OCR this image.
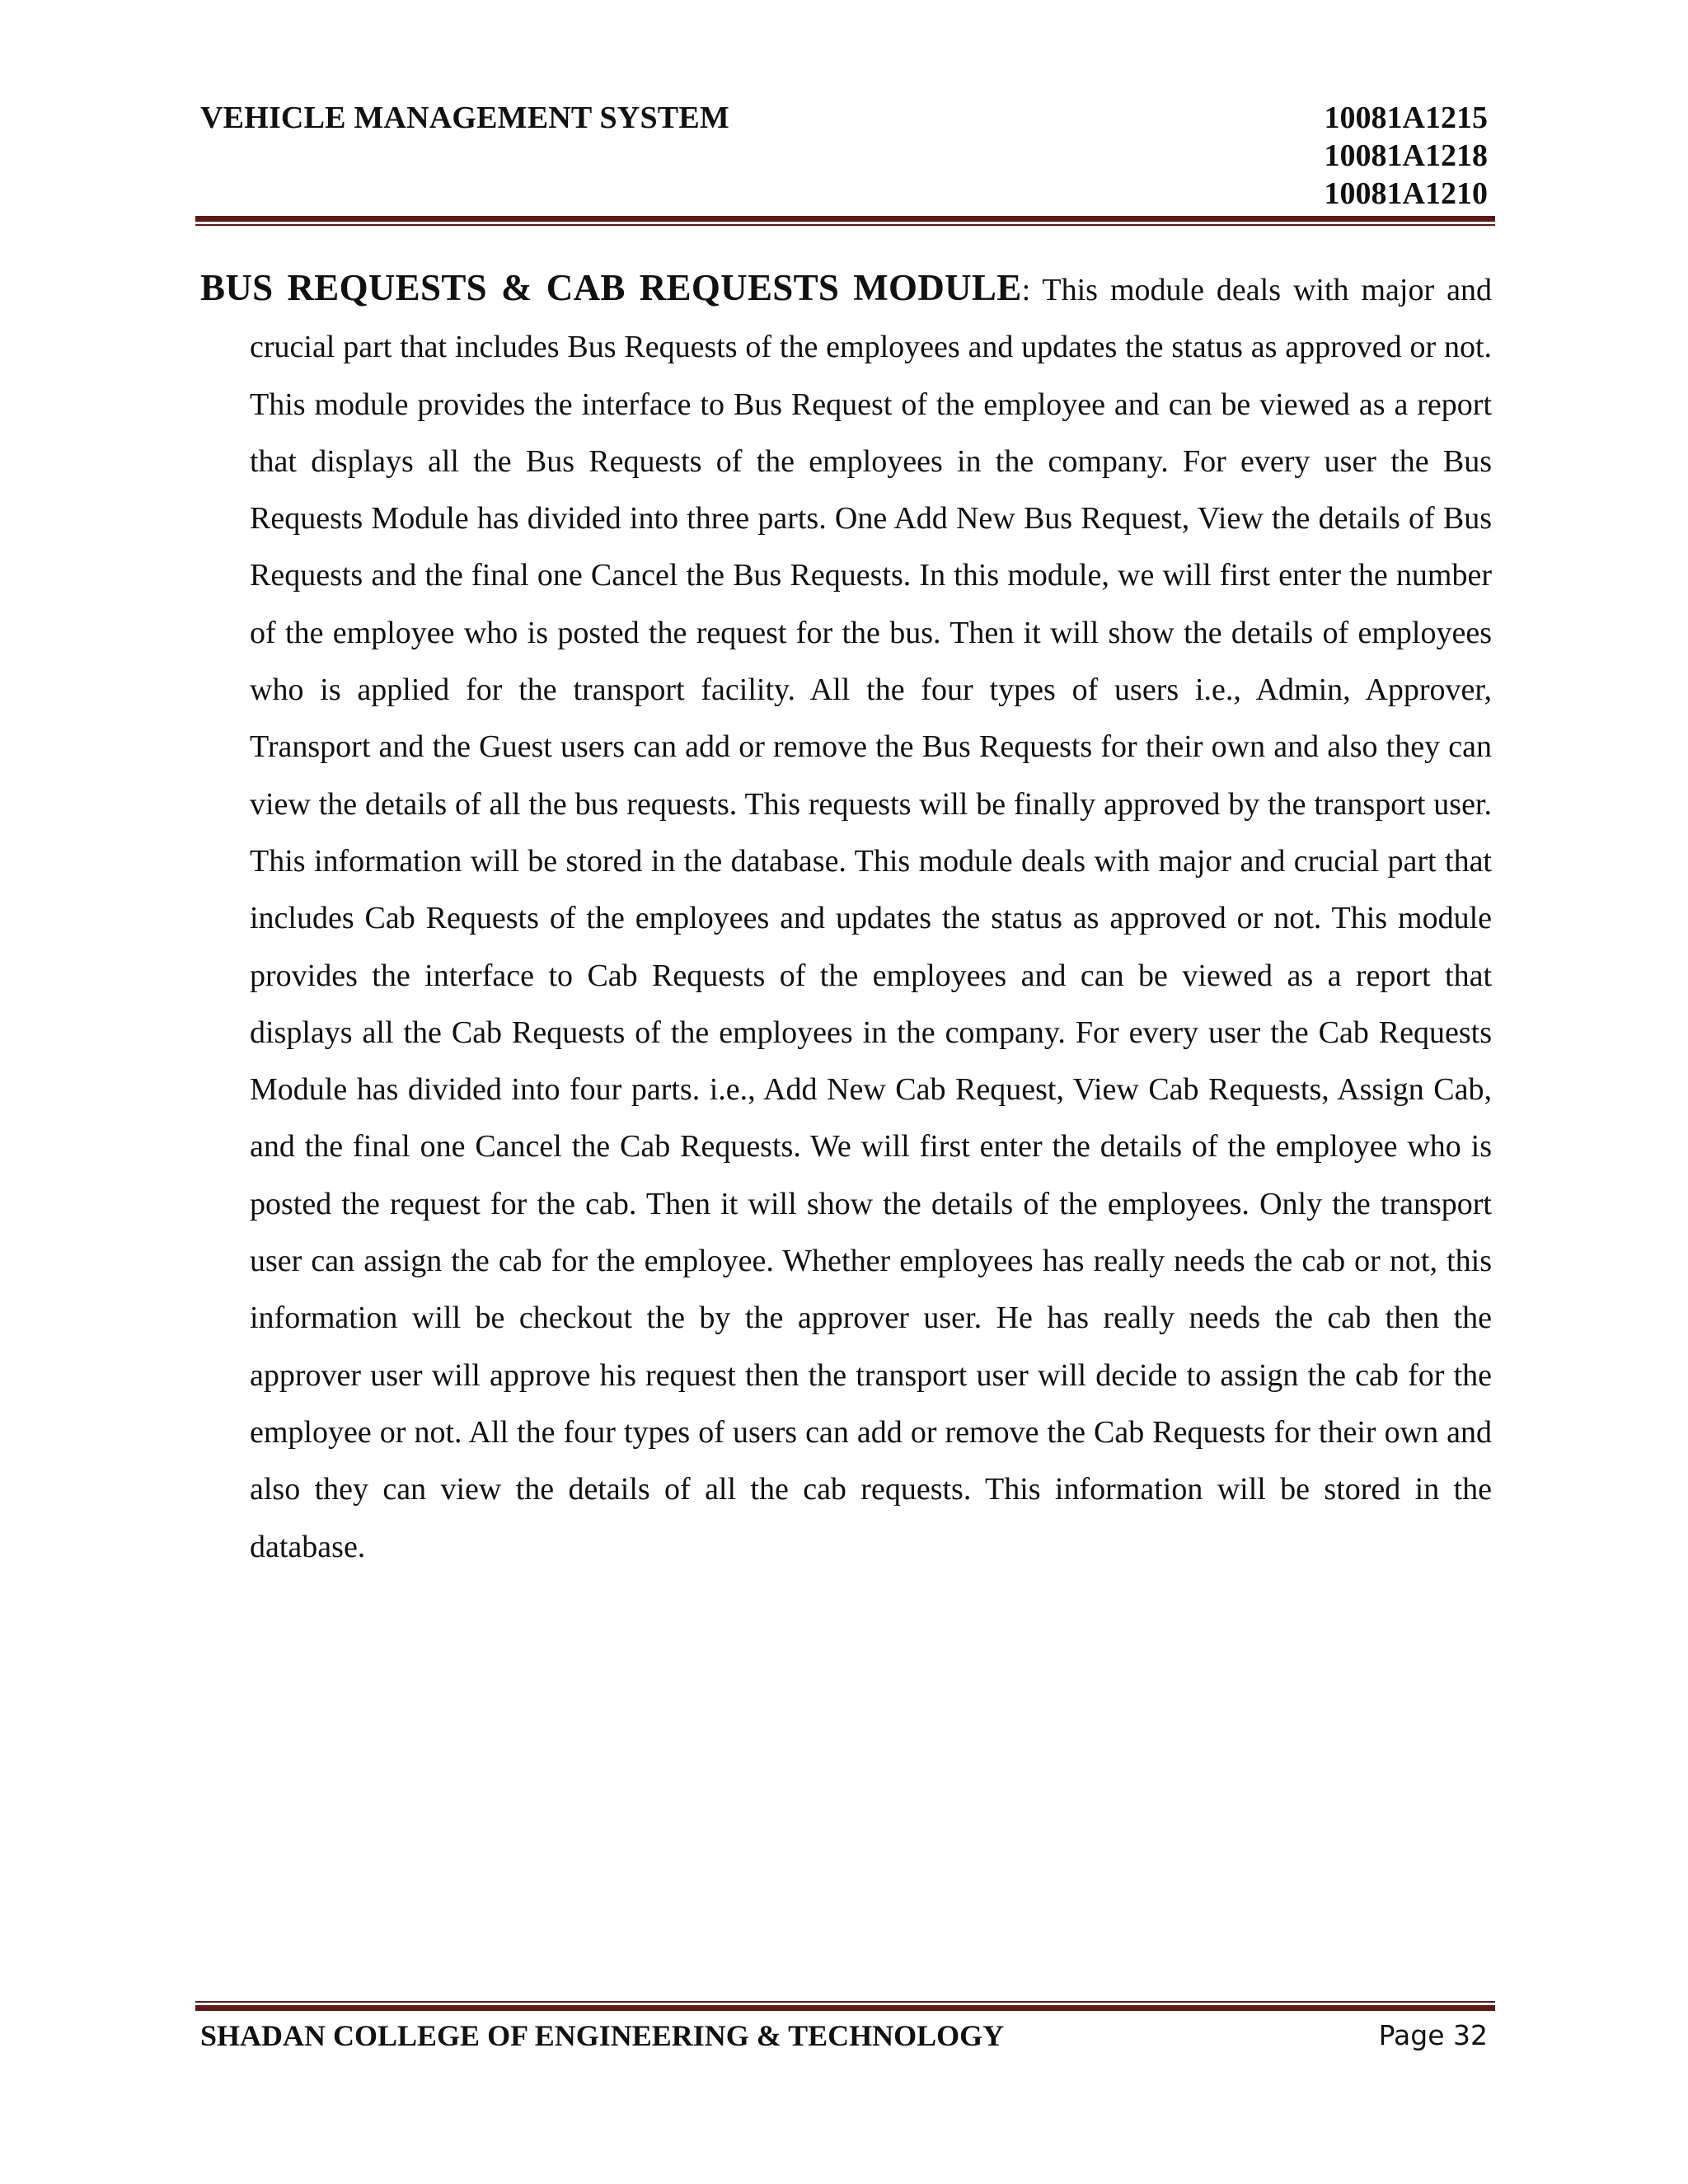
VEHICLE MANAGEMENT SYSTEM	10081A1215
10081A1218
10081A1210
BUS REQUESTS & CAB REQUESTS MODULE: This module deals with major and crucial part that includes Bus Requests of the employees and updates the status as approved or not. This module provides the interface to Bus Request of the employee and can be viewed as a report that displays all the Bus Requests of the employees in the company. For every user the Bus Requests Module has divided into three parts. One Add New Bus Request, View the details of Bus Requests and the final one Cancel the Bus Requests. In this module, we will first enter the number of the employee who is posted the request for the bus. Then it will show the details of employees who is applied for the transport facility. All the four types of users i.e., Admin, Approver, Transport and the Guest users can add or remove the Bus Requests for their own and also they can view the details of all the bus requests. This requests will be finally approved by the transport user. This information will be stored in the database. This module deals with major and crucial part that includes Cab Requests of the employees and updates the status as approved or not. This module provides the interface to Cab Requests of the employees and can be viewed as a report that displays all the Cab Requests of the employees in the company. For every user the Cab Requests Module has divided into four parts. i.e., Add New Cab Request, View Cab Requests, Assign Cab, and the final one Cancel the Cab Requests. We will first enter the details of the employee who is posted the request for the cab. Then it will show the details of the employees. Only the transport user can assign the cab for the employee. Whether employees has really needs the cab or not, this information will be checkout the by the approver user. He has really needs the cab then the approver user will approve his request then the transport user will decide to assign the cab for the employee or not. All the four types of users can add or remove the Cab Requests for their own and also they can view the details of all the cab requests. This information will be stored in the database.
SHADAN COLLEGE OF ENGINEERING & TECHNOLOGY	Page 32
